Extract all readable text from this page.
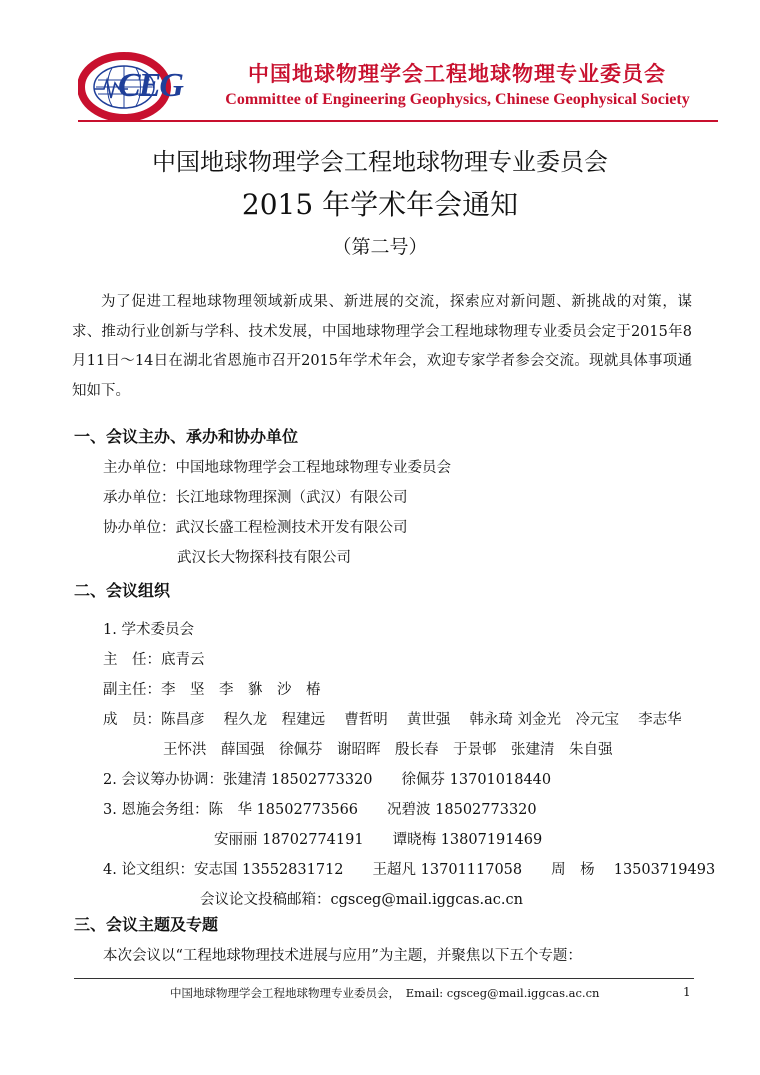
CEG	中国地球物理学会工程地球物理专业委员会
Committee of Engineering Geophysics, Chinese Geophysical Society
中国地球物理学会工程地球物理专业委员会
2015 年学术年会通知
（第二号）
为了促进工程地球物理领域新成果、新进展的交流，探索应对新问题、新挑战的对策，谋求、推动行业创新与学科、技术发展，中国地球物理学会工程地球物理专业委员会定于2015年8月11日～14日在湖北省恩施市召开2015年学术年会，欢迎专家学者参会交流。现就具体事项通知如下。
一、会议主办、承办和协办单位
主办单位：中国地球物理学会工程地球物理专业委员会
承办单位：长江地球物理探测（武汉）有限公司
协办单位：武汉长盛工程检测技术开发有限公司
武汉长大物探科技有限公司
二、会议组织
1. 学术委员会
主　任：底青云
副主任：李　坚　李　貅　沙　椿
成　员：陈昌彦　 程久龙　程建远　 曹哲明　 黄世强　 韩永琦 刘金光　冷元宝　 李志华
王怀洪　薛国强　徐佩芬　谢昭晖　殷长春　于景邨　张建清　朱自强
2. 会议筹办协调：张建清 18502773320　　徐佩芬 13701018440
3. 恩施会务组：陈　华 18502773566　　况碧波 18502773320
安丽丽 18702774191　　谭晓梅 13807191469
4. 论文组织：安志国 13552831712　　王超凡 13701117058　　周　杨　 13503719493
会议论文投稿邮箱：cgsceg@mail.iggcas.ac.cn
三、会议主题及专题
本次会议以“工程地球物理技术进展与应用”为主题，并聚焦以下五个专题：
中国地球物理学会工程地球物理专业委员会，　Email: cgsceg@mail.iggcas.ac.cn	1
